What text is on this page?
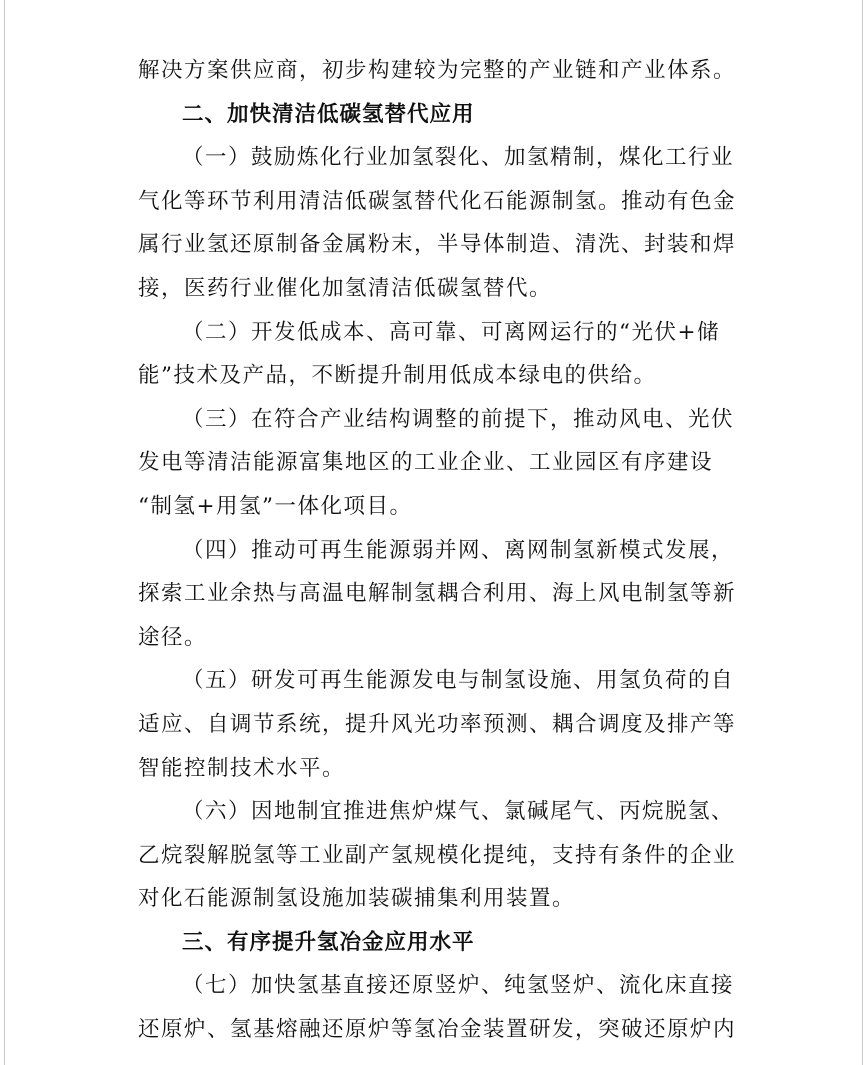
解决方案供应商，初步构建较为完整的产业链和产业体系。
二、加快清洁低碳氢替代应用
（一）鼓励炼化行业加氢裂化、加氢精制，煤化工行业
气化等环节利用清洁低碳氢替代化石能源制氢。推动有色金
属行业氢还原制备金属粉末，半导体制造、清洗、封装和焊
接，医药行业催化加氢清洁低碳氢替代。
（二）开发低成本、高可靠、可离网运行的“光伏+储
能”技术及产品，不断提升制用低成本绿电的供给。
（三）在符合产业结构调整的前提下，推动风电、光伏
发电等清洁能源富集地区的工业企业、工业园区有序建设
“制氢+用氢”一体化项目。
（四）推动可再生能源弱并网、离网制氢新模式发展，
探索工业余热与高温电解制氢耦合利用、海上风电制氢等新
途径。
（五）研发可再生能源发电与制氢设施、用氢负荷的自
适应、自调节系统，提升风光功率预测、耦合调度及排产等
智能控制技术水平。
（六）因地制宜推进焦炉煤气、氯碱尾气、丙烷脱氢、
乙烷裂解脱氢等工业副产氢规模化提纯，支持有条件的企业
对化石能源制氢设施加装碳捕集利用装置。
三、有序提升氢冶金应用水平
（七）加快氢基直接还原竖炉、纯氢竖炉、流化床直接
还原炉、氢基熔融还原炉等氢冶金装置研发，突破还原炉内
